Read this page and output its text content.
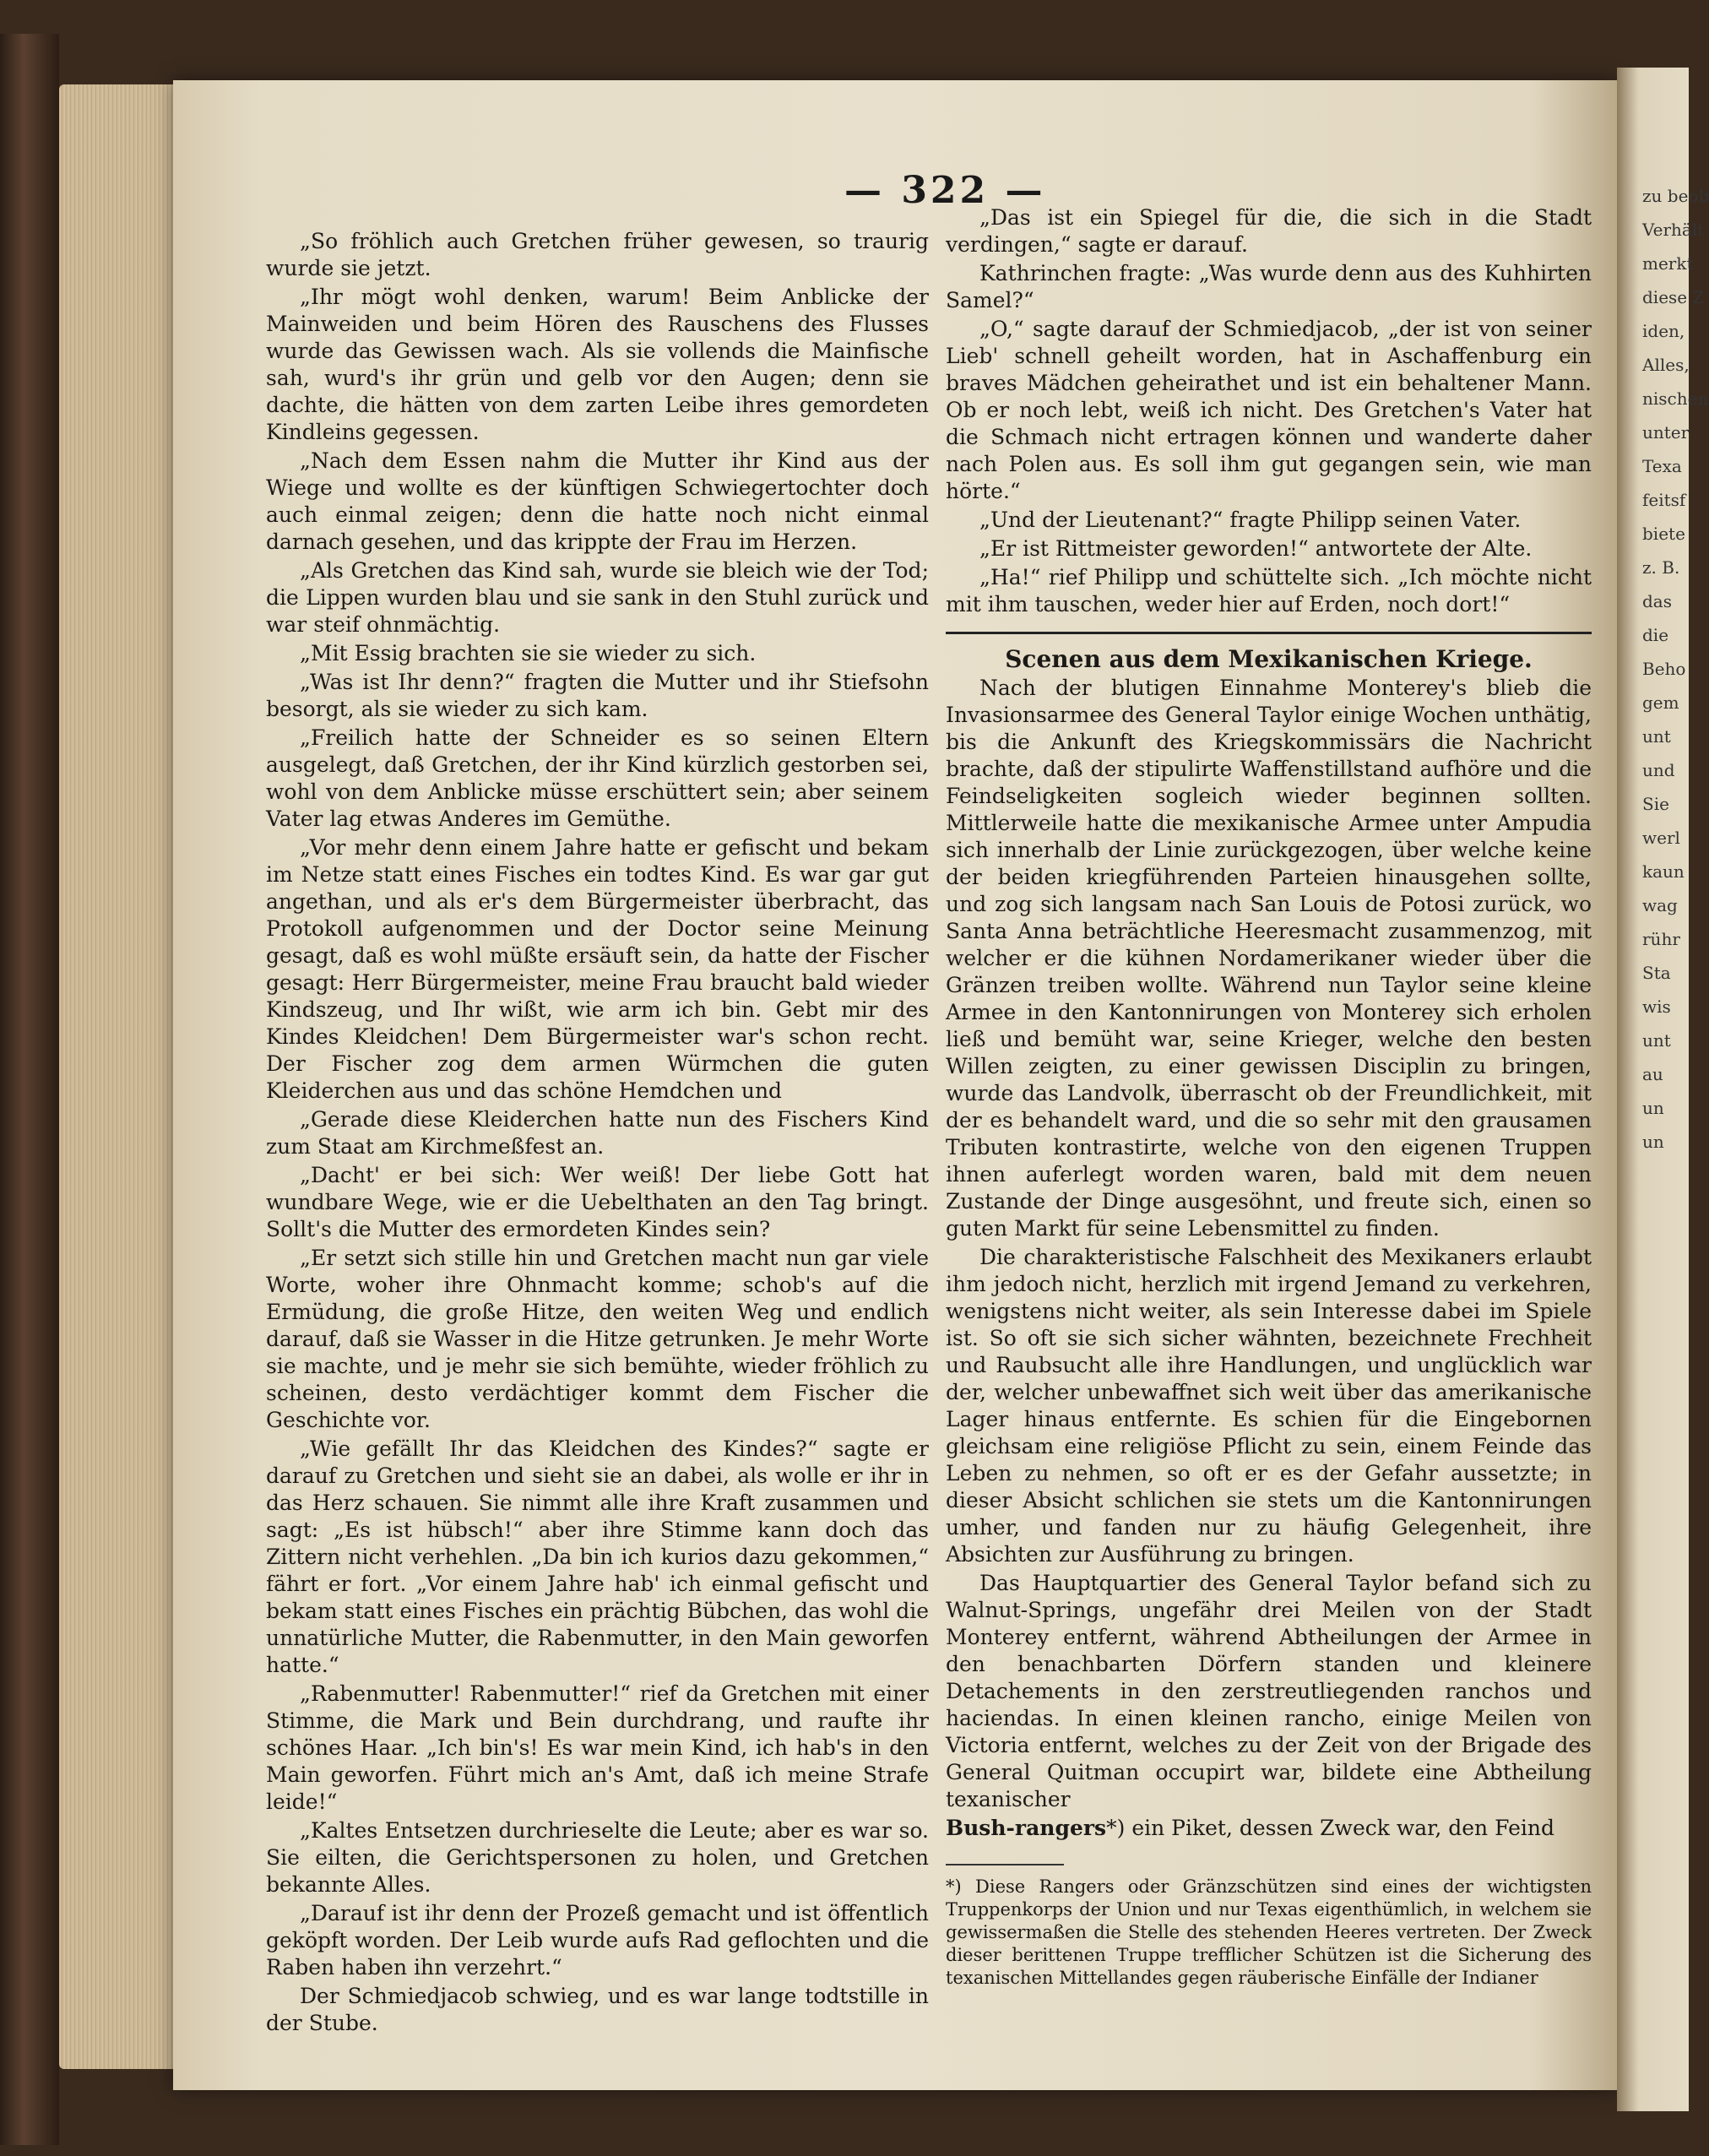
zu beob
Verhält
merkt
diese Z
iden,
Alles,
nischen
unter
Texa
feitsf
biete
z. B.
das
die
Beho
gem
unt
und
Sie
werl
kaun
wag
rühr
Sta
wis
unt
au
un
un
— 322 —

„So fröhlich auch Gretchen früher gewesen, so traurig wurde sie jetzt.

„Ihr mögt wohl denken, warum! Beim Anblicke der Mainweiden und beim Hören des Rauschens des Flusses wurde das Gewissen wach. Als sie vollends die Mainfische sah, wurd's ihr grün und gelb vor den Augen; denn sie dachte, die hätten von dem zarten Leibe ihres gemordeten Kindleins gegessen.

„Nach dem Essen nahm die Mutter ihr Kind aus der Wiege und wollte es der künftigen Schwiegertochter doch auch einmal zeigen; denn die hatte noch nicht einmal darnach gesehen, und das krippte der Frau im Herzen.

„Als Gretchen das Kind sah, wurde sie bleich wie der Tod; die Lippen wurden blau und sie sank in den Stuhl zurück und war steif ohnmächtig.

„Mit Essig brachten sie sie wieder zu sich.

„Was ist Ihr denn?“ fragten die Mutter und ihr Stiefsohn besorgt, als sie wieder zu sich kam.

„Freilich hatte der Schneider es so seinen Eltern ausgelegt, daß Gretchen, der ihr Kind kürzlich gestorben sei, wohl von dem Anblicke müsse erschüttert sein; aber seinem Vater lag etwas Anderes im Gemüthe.

„Vor mehr denn einem Jahre hatte er gefischt und bekam im Netze statt eines Fisches ein todtes Kind. Es war gar gut angethan, und als er's dem Bürgermeister überbracht, das Protokoll aufgenommen und der Doctor seine Meinung gesagt, daß es wohl müßte ersäuft sein, da hatte der Fischer gesagt: Herr Bürgermeister, meine Frau braucht bald wieder Kindszeug, und Ihr wißt, wie arm ich bin. Gebt mir des Kindes Kleidchen! Dem Bürgermeister war's schon recht. Der Fischer zog dem armen Würmchen die guten Kleiderchen aus und das schöne Hemdchen und

„Gerade diese Kleiderchen hatte nun des Fischers Kind zum Staat am Kirchmeßfest an.

„Dacht' er bei sich: Wer weiß! Der liebe Gott hat wundbare Wege, wie er die Uebelthaten an den Tag bringt. Sollt's die Mutter des ermordeten Kindes sein?

„Er setzt sich stille hin und Gretchen macht nun gar viele Worte, woher ihre Ohnmacht komme; schob's auf die Ermüdung, die große Hitze, den weiten Weg und endlich darauf, daß sie Wasser in die Hitze getrunken. Je mehr Worte sie machte, und je mehr sie sich bemühte, wieder fröhlich zu scheinen, desto verdächtiger kommt dem Fischer die Geschichte vor.

„Wie gefällt Ihr das Kleidchen des Kindes?“ sagte er darauf zu Gretchen und sieht sie an dabei, als wolle er ihr in das Herz schauen. Sie nimmt alle ihre Kraft zusammen und sagt: „Es ist hübsch!“ aber ihre Stimme kann doch das Zittern nicht verhehlen. „Da bin ich kurios dazu gekommen,“ fährt er fort. „Vor einem Jahre hab' ich einmal gefischt und bekam statt eines Fisches ein prächtig Bübchen, das wohl die unnatürliche Mutter, die Rabenmutter, in den Main geworfen hatte.“

„Rabenmutter! Rabenmutter!“ rief da Gretchen mit einer Stimme, die Mark und Bein durchdrang, und raufte ihr schönes Haar. „Ich bin's! Es war mein Kind, ich hab's in den Main geworfen. Führt mich an's Amt, daß ich meine Strafe leide!“

„Kaltes Entsetzen durchrieselte die Leute; aber es war so. Sie eilten, die Gerichtspersonen zu holen, und Gretchen bekannte Alles.

„Darauf ist ihr denn der Prozeß gemacht und ist öffentlich geköpft worden. Der Leib wurde aufs Rad geflochten und die Raben haben ihn verzehrt.“

Der Schmiedjacob schwieg, und es war lange todtstille in der Stube.

„Das ist ein Spiegel für die, die sich in die Stadt verdingen,“ sagte er darauf.

Kathrinchen fragte: „Was wurde denn aus des Kuhhirten Samel?“

„O,“ sagte darauf der Schmiedjacob, „der ist von seiner Lieb' schnell geheilt worden, hat in Aschaffenburg ein braves Mädchen geheirathet und ist ein behaltener Mann. Ob er noch lebt, weiß ich nicht. Des Gretchen's Vater hat die Schmach nicht ertragen können und wanderte daher nach Polen aus. Es soll ihm gut gegangen sein, wie man hörte.“

„Und der Lieutenant?“ fragte Philipp seinen Vater.

„Er ist Rittmeister geworden!“ antwortete der Alte.

„Ha!“ rief Philipp und schüttelte sich. „Ich möchte nicht mit ihm tauschen, weder hier auf Erden, noch dort!“

Scenen aus dem Mexikanischen Kriege.

Nach der blutigen Einnahme Monterey's blieb die Invasionsarmee des General Taylor einige Wochen unthätig, bis die Ankunft des Kriegskommissärs die Nachricht brachte, daß der stipulirte Waffenstillstand aufhöre und die Feindseligkeiten sogleich wieder beginnen sollten. Mittlerweile hatte die mexikanische Armee unter Ampudia sich innerhalb der Linie zurückgezogen, über welche keine der beiden kriegführenden Parteien hinausgehen sollte, und zog sich langsam nach San Louis de Potosi zurück, wo Santa Anna beträchtliche Heeresmacht zusammenzog, mit welcher er die kühnen Nordamerikaner wieder über die Gränzen treiben wollte. Während nun Taylor seine kleine Armee in den Kantonnirungen von Monterey sich erholen ließ und bemüht war, seine Krieger, welche den besten Willen zeigten, zu einer gewissen Disciplin zu bringen, wurde das Landvolk, überrascht ob der Freundlichkeit, mit der es behandelt ward, und die so sehr mit den grausamen Tributen kontrastirte, welche von den eigenen Truppen ihnen auferlegt worden waren, bald mit dem neuen Zustande der Dinge ausgesöhnt, und freute sich, einen so guten Markt für seine Lebensmittel zu finden.

Die charakteristische Falschheit des Mexikaners erlaubt ihm jedoch nicht, herzlich mit irgend Jemand zu verkehren, wenigstens nicht weiter, als sein Interesse dabei im Spiele ist. So oft sie sich sicher wähnten, bezeichnete Frechheit und Raubsucht alle ihre Handlungen, und unglücklich war der, welcher unbewaffnet sich weit über das amerikanische Lager hinaus entfernte. Es schien für die Eingebornen gleichsam eine religiöse Pflicht zu sein, einem Feinde das Leben zu nehmen, so oft er es der Gefahr aussetzte; in dieser Absicht schlichen sie stets um die Kantonnirungen umher, und fanden nur zu häufig Gelegenheit, ihre Absichten zur Ausführung zu bringen.

Das Hauptquartier des General Taylor befand sich zu Walnut-Springs, ungefähr drei Meilen von der Stadt Monterey entfernt, während Abtheilungen der Armee in den benachbarten Dörfern standen und kleinere Detachements in den zerstreutliegenden ranchos und haciendas. In einen kleinen rancho, einige Meilen von Victoria entfernt, welches zu der Zeit von der Brigade des General Quitman occupirt war, bildete eine Abtheilung texanischer

Bush-rangers*) ein Piket, dessen Zweck war, den Feind

*) Diese Rangers oder Gränzschützen sind eines der wichtigsten Truppenkorps der Union und nur Texas eigenthümlich, in welchem sie gewissermaßen die Stelle des stehenden Heeres vertreten. Der Zweck dieser berittenen Truppe trefflicher Schützen ist die Sicherung des texanischen Mittellandes gegen räuberische Einfälle der Indianer
